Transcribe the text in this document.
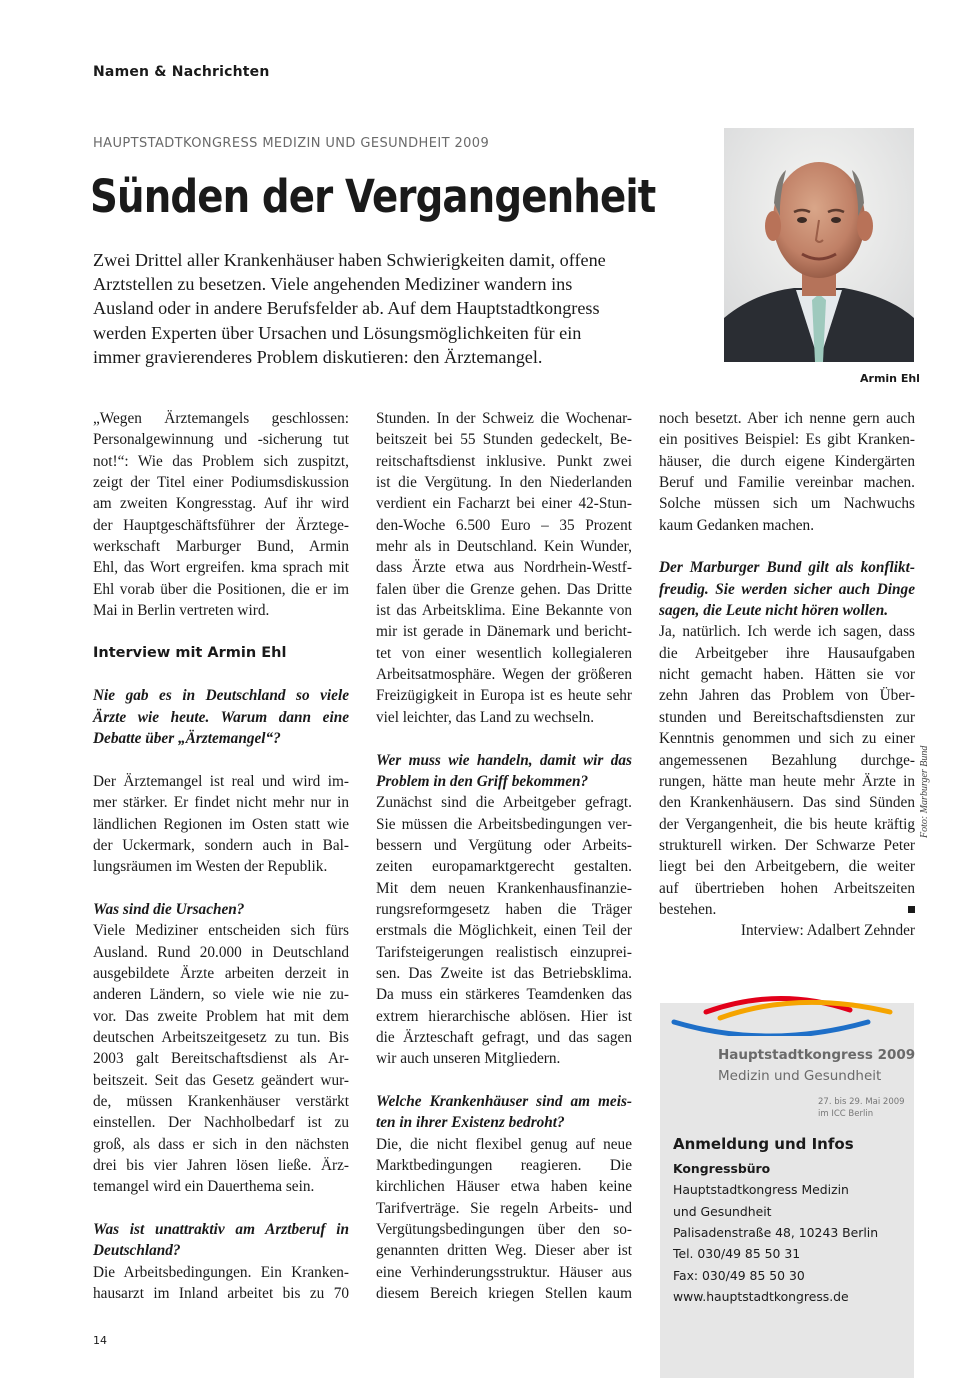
Namen & Nachrichten
HAUPTSTADTKONGRESS MEDIZIN UND GESUNDHEIT 2009
Sünden der Vergangenheit
Zwei Drittel aller Krankenhäuser haben Schwierigkeiten damit, offene
Arztstellen zu besetzen. Viele angehenden Mediziner wandern ins
Ausland oder in andere Berufsfelder ab. Auf dem Hauptstadtkongress
werden Experten über Ursachen und Lösungsmöglichkeiten für ein
immer gravierenderes Problem diskutieren: den Ärztemangel.
Armin Ehl
„Wegen Ärztemangels geschlossen:
Personalgewinnung und -sicherung tut
not!“: Wie das Problem sich zuspitzt,
zeigt der Titel einer Podiumsdiskussion
am zweiten Kongresstag. Auf ihr wird
der Hauptgeschäftsführer der Ärztege-
werkschaft Marburger Bund, Armin
Ehl, das Wort ergreifen. kma sprach mit
Ehl vorab über die Positionen, die er im
Mai in Berlin vertreten wird.
Interview mit Armin Ehl
Nie gab es in Deutschland so viele
Ärzte wie heute. Warum dann eine
Debatte über „Ärztemangel“?
Der Ärztemangel ist real und wird im-
mer stärker. Er findet nicht mehr nur in
ländlichen Regionen im Osten statt wie
der Uckermark, sondern auch in Bal-
lungsräumen im Westen der Republik.
Was sind die Ursachen?
Viele Mediziner entscheiden sich fürs
Ausland. Rund 20.000 in Deutschland
ausgebildete Ärzte arbeiten derzeit in
anderen Ländern, so viele wie nie zu-
vor. Das zweite Problem hat mit dem
deutschen Arbeitszeitgesetz zu tun. Bis
2003 galt Bereitschaftsdienst als Ar-
beitszeit. Seit das Gesetz geändert wur-
de, müssen Krankenhäuser verstärkt
einstellen. Der Nachholbedarf ist zu
groß, als dass er sich in den nächsten
drei bis vier Jahren lösen ließe. Ärz-
temangel wird ein Dauerthema sein.
Was ist unattraktiv am Arztberuf in
Deutschland?
Die Arbeitsbedingungen. Ein Kranken-
hausarzt im Inland arbeitet bis zu 70
Stunden. In der Schweiz die Wochenar-
beitszeit bei 55 Stunden gedeckelt, Be-
reitschaftsdienst inklusive. Punkt zwei
ist die Vergütung. In den Niederlanden
verdient ein Facharzt bei einer 42-Stun-
den-Woche 6.500 Euro – 35 Prozent
mehr als in Deutschland. Kein Wunder,
dass Ärzte etwa aus Nordrhein-Westf-
falen über die Grenze gehen. Das Dritte
ist das Arbeitsklima. Eine Bekannte von
mir ist gerade in Dänemark und bericht-
tet von einer wesentlich kollegialeren
Arbeitsatmosphäre. Wegen der größeren
Freizügigkeit in Europa ist es heute sehr
viel leichter, das Land zu wechseln.
Wer muss wie handeln, damit wir das
Problem in den Griff bekommen?
Zunächst sind die Arbeitgeber gefragt.
Sie müssen die Arbeitsbedingungen ver-
bessern und Vergütung oder Arbeits-
zeiten europamarktgerecht gestalten.
Mit dem neuen Krankenhausfinanzie-
rungsreformgesetz haben die Träger
erstmals die Möglichkeit, einen Teil der
Tarifsteigerungen realistisch einzuprei-
sen. Das Zweite ist das Betriebsklima.
Da muss ein stärkeres Teamdenken das
extrem hierarchische ablösen. Hier ist
die Ärzteschaft gefragt, und das sagen
wir auch unseren Mitgliedern.
Welche Krankenhäuser sind am meis-
ten in ihrer Existenz bedroht?
Die, die nicht flexibel genug auf neue
Marktbedingungen reagieren. Die
kirchlichen Häuser etwa haben keine
Tarifverträge. Sie regeln Arbeits- und
Vergütungsbedingungen über den so-
genannten dritten Weg. Dieser aber ist
eine Verhinderungsstruktur. Häuser aus
diesem Bereich kriegen Stellen kaum
noch besetzt. Aber ich nenne gern auch
ein positives Beispiel: Es gibt Kranken-
häuser, die durch eigene Kindergärten
Beruf und Familie vereinbar machen.
Solche müssen sich um Nachwuchs
kaum Gedanken machen.
Der Marburger Bund gilt als konflikt-
freudig. Sie werden sicher auch Dinge
sagen, die Leute nicht hören wollen.
Ja, natürlich. Ich werde ich sagen, dass
die Arbeitgeber ihre Hausaufgaben
nicht gemacht haben. Hätten sie vor
zehn Jahren das Problem von Über-
stunden und Bereitschaftsdiensten zur
Kenntnis genommen und sich zu einer
angemessenen Bezahlung durchge-
rungen, hätte man heute mehr Ärzte in
den Krankenhäusern. Das sind Sünden
der Vergangenheit, die bis heute kräftig
strukturell wirken. Der Schwarze Peter
liegt bei den Arbeitgebern, die weiter
auf übertrieben hohen Arbeitszeiten
bestehen.
Interview: Adalbert Zehnder
Foto: Marburger Bund
Hauptstadtkongress 2009
Medizin und Gesundheit
27. bis 29. Mai 2009
im ICC Berlin
Anmeldung und Infos
Kongressbüro
Hauptstadtkongress Medizin
und Gesundheit
Palisadenstraße 48, 10243 Berlin
Tel. 030/49 85 50 31
Fax: 030/49 85 50 30
www.hauptstadtkongress.de
14
